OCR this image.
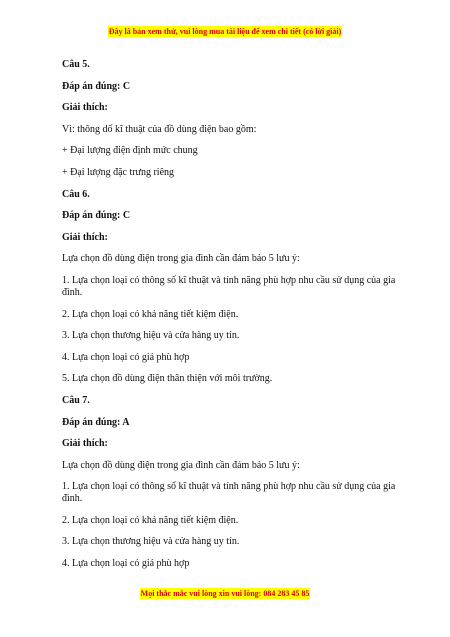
Đây là bản xem thử, vui lòng mua tài liệu để xem chi tiết (có lời giải)
Câu 5.
Đáp án đúng: C
Giải thích:
Vì: thông dố kĩ thuật của đồ dùng điện bao gồm:
+ Đại lượng điện định mức chung
+ Đại lượng đặc trưng riêng
Câu 6.
Đáp án đúng: C
Giải thích:
Lựa chọn đồ dùng điện trong gia đình cần đảm bảo 5 lưu ý:
1. Lựa chọn loại có thông số kĩ thuật và tính năng phù hợp nhu cầu sử dụng của gia đình.
2. Lựa chọn loại có khả năng tiết kiệm điện.
3. Lựa chọn thương hiệu và cửa hàng uy tín.
4. Lựa chọn loại có giá phù hợp
5. Lựa chọn đồ dùng điện thân thiện với môi trường.
Câu 7.
Đáp án đúng: A
Giải thích:
Lựa chọn đồ dùng điện trong gia đình cần đảm bảo 5 lưu ý:
1. Lựa chọn loại có thông số kĩ thuật và tính năng phù hợp nhu cầu sử dụng của gia đình.
2. Lựa chọn loại có khả năng tiết kiệm điện.
3. Lựa chọn thương hiệu và cửa hàng uy tín.
4. Lựa chọn loại có giá phù hợp
Mọi thắc mắc vui lòng xin vui lòng: 084 283 45 85
